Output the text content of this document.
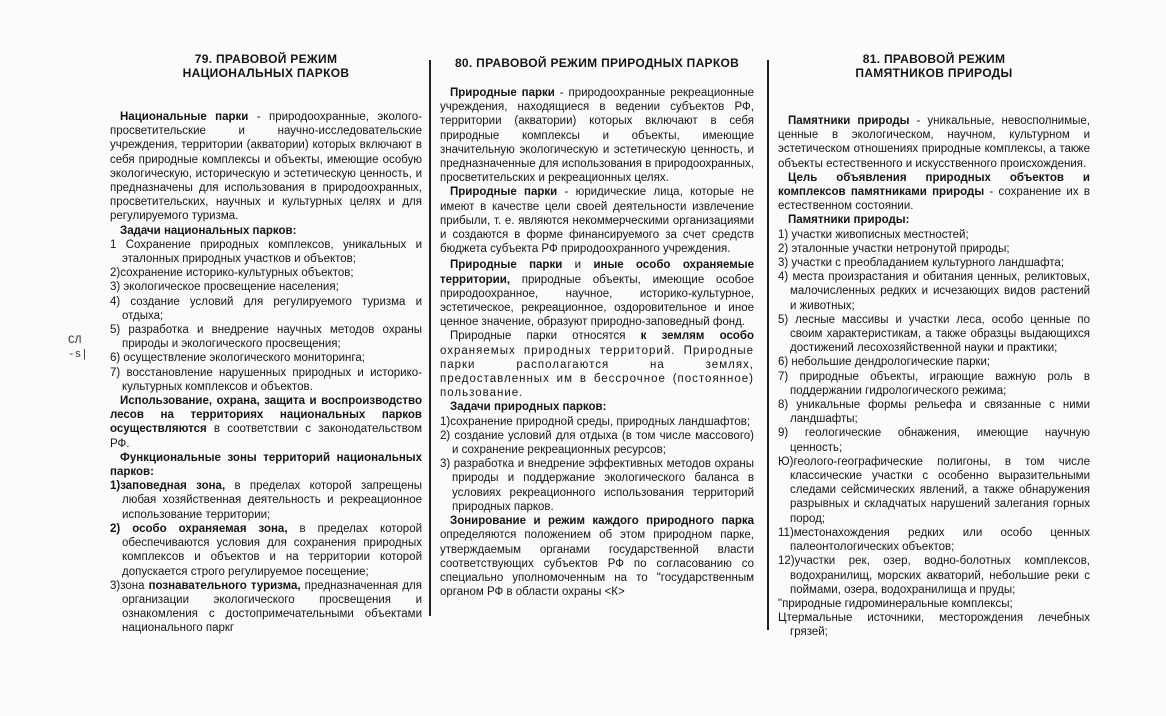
СЛ
-s|
79. ПРАВОВОЙ РЕЖИМ
НАЦИОНАЛЬНЫХ ПАРКОВ

Национальные парки - природоохранные, эколого-просветительские и научно-исследовательские учреждения, территории (акватории) которых включают в себя природные комплексы и объекты, имеющие особую экологическую, историческую и эстетическую ценность, и предназначены для использования в природоохранных, просветительских, научных и культурных целях и для регулируемого туризма.

Задачи национальных парков:
1 Сохранение природных комплексов, уникальных и эталонных природных участков и объектов;
2)сохранение историко-культурных объектов;
3) экологическое просвещение населения;
4) создание условий для регулируемого туризма и отдыха;
5) разработка и внедрение научных методов охраны природы и экологического просвещения;
6) осуществление экологического мониторинга;
7) восстановление нарушенных природных и историко-культурных комплексов и объектов.

Использование, охрана, защита и воспроизводство лесов на территориях национальных парков осуществляются в соответствии с законодательством РФ.

Функциональные зоны территорий национальных парков:

1)заповедная зона, в пределах которой запрещены любая хозяйственная деятельность и рекреационное использование территории;
2) особо охраняемая зона, в пределах которой обеспечиваются условия для сохранения природных комплексов и объектов и на территории которой допускается строго регулируемое посещение;
3)зона познавательного туризма, предназначенная для организации экологического просвещения и ознакомления с достопримечательными объектами национального паркг
80. ПРАВОВОЙ РЕЖИМ ПРИРОДНЫХ ПАРКОВ

Природные парки - природоохранные рекреационные учреждения, находящиеся в ведении субъектов РФ, территории (акватории) которых включают в себя природные комплексы и объекты, имеющие значительную экологическую и эстетическую ценность, и предназначенные для использования в природоохранных, просветительских и рекреационных целях.

Природные парки - юридические лица, которые не имеют в качестве цели своей деятельности извлечение прибыли, т. е. являются некоммерческими организациями и создаются в форме финансируемого за счет средств бюджета субъекта РФ природоохранного учреждения.

Природные парки и иные особо охраняемые территории, природные объекты, имеющие особое природоохранное, научное, историко-культурное, эстетическое, рекреационное, оздоровительное и иное ценное значение, образуют природно-заповедный фонд.

Природные парки относятся к землям особо охраняемых природных территорий. Природные парки располагаются на землях, предоставленных им в бессрочное (постоянное) пользование.

Задачи природных парков:
1)сохранение природной среды, природных ландшафтов;
2) создание условий для отдыха (в том числе массового) и сохранение рекреационных ресурсов;
3) разработка и внедрение эффективных методов охраны природы и поддержание экологического баланса в условиях рекреационного использования территорий природных парков.

Зонирование и режим каждого природного парка определяются положением об этом природном парке, утверждаемым органами государственной власти соответствующих субъектов РФ по согласованию со специально уполномоченным на то "государственным органом РФ в области охраны <К>

81. ПРАВОВОЙ РЕЖИМ
ПАМЯТНИКОВ ПРИРОДЫ

Памятники природы - уникальные, невосполнимые, ценные в экологическом, научном, культурном и эстетическом отношениях природные комплексы, а также объекты естественного и искусственного происхождения.

Цель объявления природных объектов и комплексов памятниками природы - сохранение их в естественном состоянии.

Памятники природы:
1) участки живописных местностей;
2) эталонные участки нетронутой природы;
3) участки с преобладанием культурного ландшафта;
4) места произрастания и обитания ценных, реликтовых, малочисленных редких и исчезающих видов растений и животных;
5) лесные массивы и участки леса, особо ценные по своим характеристикам, а также образцы выдающихся достижений лесохозяйственной науки и практики;
6) небольшие дендрологические парки;
7) природные объекты, играющие важную роль в поддержании гидрологического режима;
8) уникальные формы рельефа и связанные с ними ландшафты;
9) геологические обнажения, имеющие научную ценность;
Ю)геолого-географические полигоны, в том числе классические участки с особенно выразительными следами сейсмических явлений, а также обнаружения разрывных и складчатых нарушений залегания горных пород;
11)местонахождения редких или особо ценных палеонтологических объектов;
12)участки рек, озер, водно-болотных комплексов, водохранилищ, морских акваторий, небольшие реки с поймами, озера, водохранилища и пруды;
"природные гидроминеральные комплексы;
Цтермальные источники, месторождения лечебных грязей;
